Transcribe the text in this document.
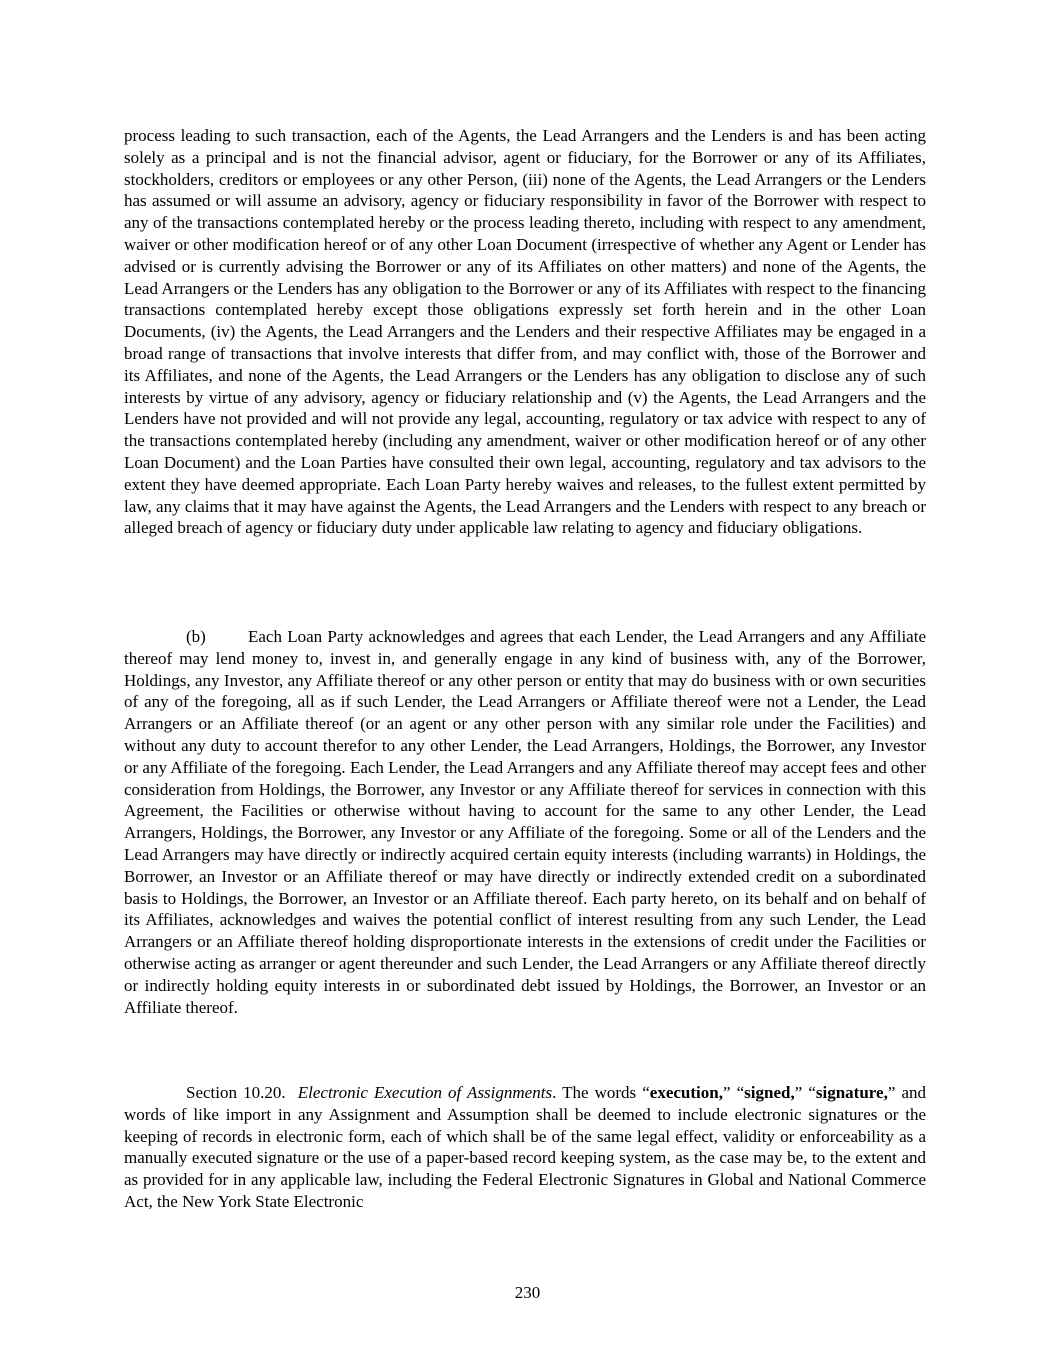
process leading to such transaction, each of the Agents, the Lead Arrangers and the Lenders is and has been acting solely as a principal and is not the financial advisor, agent or fiduciary, for the Borrower or any of its Affiliates, stockholders, creditors or employees or any other Person, (iii) none of the Agents, the Lead Arrangers or the Lenders has assumed or will assume an advisory, agency or fiduciary responsibility in favor of the Borrower with respect to any of the transactions contemplated hereby or the process leading thereto, including with respect to any amendment, waiver or other modification hereof or of any other Loan Document (irrespective of whether any Agent or Lender has advised or is currently advising the Borrower or any of its Affiliates on other matters) and none of the Agents, the Lead Arrangers or the Lenders has any obligation to the Borrower or any of its Affiliates with respect to the financing transactions contemplated hereby except those obligations expressly set forth herein and in the other Loan Documents, (iv) the Agents, the Lead Arrangers and the Lenders and their respective Affiliates may be engaged in a broad range of transactions that involve interests that differ from, and may conflict with, those of the Borrower and its Affiliates, and none of the Agents, the Lead Arrangers or the Lenders has any obligation to disclose any of such interests by virtue of any advisory, agency or fiduciary relationship and (v) the Agents, the Lead Arrangers and the Lenders have not provided and will not provide any legal, accounting, regulatory or tax advice with respect to any of the transactions contemplated hereby (including any amendment, waiver or other modification hereof or of any other Loan Document) and the Loan Parties have consulted their own legal, accounting, regulatory and tax advisors to the extent they have deemed appropriate. Each Loan Party hereby waives and releases, to the fullest extent permitted by law, any claims that it may have against the Agents, the Lead Arrangers and the Lenders with respect to any breach or alleged breach of agency or fiduciary duty under applicable law relating to agency and fiduciary obligations.

(b) Each Loan Party acknowledges and agrees that each Lender, the Lead Arrangers and any Affiliate thereof may lend money to, invest in, and generally engage in any kind of business with, any of the Borrower, Holdings, any Investor, any Affiliate thereof or any other person or entity that may do business with or own securities of any of the foregoing, all as if such Lender, the Lead Arrangers or Affiliate thereof were not a Lender, the Lead Arrangers or an Affiliate thereof (or an agent or any other person with any similar role under the Facilities) and without any duty to account therefor to any other Lender, the Lead Arrangers, Holdings, the Borrower, any Investor or any Affiliate of the foregoing. Each Lender, the Lead Arrangers and any Affiliate thereof may accept fees and other consideration from Holdings, the Borrower, any Investor or any Affiliate thereof for services in connection with this Agreement, the Facilities or otherwise without having to account for the same to any other Lender, the Lead Arrangers, Holdings, the Borrower, any Investor or any Affiliate of the foregoing. Some or all of the Lenders and the Lead Arrangers may have directly or indirectly acquired certain equity interests (including warrants) in Holdings, the Borrower, an Investor or an Affiliate thereof or may have directly or indirectly extended credit on a subordinated basis to Holdings, the Borrower, an Investor or an Affiliate thereof. Each party hereto, on its behalf and on behalf of its Affiliates, acknowledges and waives the potential conflict of interest resulting from any such Lender, the Lead Arrangers or an Affiliate thereof holding disproportionate interests in the extensions of credit under the Facilities or otherwise acting as arranger or agent thereunder and such Lender, the Lead Arrangers or any Affiliate thereof directly or indirectly holding equity interests in or subordinated debt issued by Holdings, the Borrower, an Investor or an Affiliate thereof.

Section 10.20. Electronic Execution of Assignments. The words “execution,” “signed,” “signature,” and words of like import in any Assignment and Assumption shall be deemed to include electronic signatures or the keeping of records in electronic form, each of which shall be of the same legal effect, validity or enforceability as a manually executed signature or the use of a paper-based record keeping system, as the case may be, to the extent and as provided for in any applicable law, including the Federal Electronic Signatures in Global and National Commerce Act, the New York State Electronic

230
